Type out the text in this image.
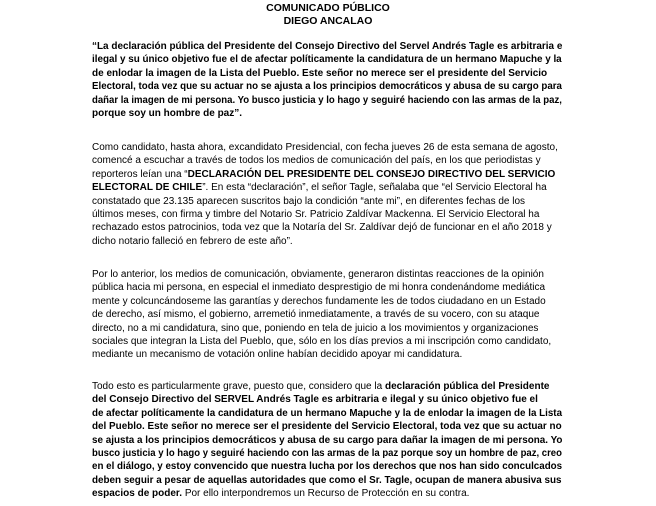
COMUNICADO PÚBLICO
DIEGO ANCALAO
“La declaración pública del Presidente del Consejo Directivo del Servel Andrés Tagle es arbitraria e
ilegal y su único objetivo fue el de afectar políticamente la candidatura de un hermano Mapuche y la
de enlodar la imagen de la Lista del Pueblo. Este señor no merece ser el presidente del Servicio
Electoral, toda vez que su actuar no se ajusta a los principios democráticos y abusa de su cargo para
dañar la imagen de mi persona. Yo busco justicia y lo hago y seguiré haciendo con las armas de la paz,
porque soy un hombre de paz”.
Como candidato, hasta ahora, excandidato Presidencial, con fecha jueves 26 de esta semana de agosto,
comencé a escuchar a través de todos los medios de comunicación del país, en los que periodistas y
reporteros leían una “DECLARACIÓN DEL PRESIDENTE DEL CONSEJO DIRECTIVO DEL SERVICIO
ELECTORAL DE CHILE”. En esta “declaración”, el señor Tagle, señalaba que “el Servicio Electoral ha
constatado que 23.135 aparecen suscritos bajo la condición “ante mi”, en diferentes fechas de los
últimos meses, con firma y timbre del Notario Sr. Patricio Zaldívar Mackenna. El Servicio Electoral ha
rechazado estos patrocinios, toda vez que la Notaría del Sr. Zaldívar dejó de funcionar en el año 2018 y
dicho notario falleció en febrero de este año”.
Por lo anterior, los medios de comunicación, obviamente, generaron distintas reacciones de la opinión
pública hacia mi persona, en especial el inmediato desprestigio de mi honra condenándome mediática
mente y colcuncándoseme las garantías y derechos fundamente les de todos ciudadano en un Estado
de derecho, así mismo, el gobierno, arremetió inmediatamente, a través de su vocero, con su ataque
directo, no a mi candidatura, sino que, poniendo en tela de juicio a los movimientos y organizaciones
sociales que integran la Lista del Pueblo, que, sólo en los días previos a mi inscripción como candidato,
mediante un mecanismo de votación online habían decidido apoyar mi candidatura.
Todo esto es particularmente grave, puesto que, considero que la declaración pública del Presidente
del Consejo Directivo del SERVEL Andrés Tagle es arbitraria e ilegal y su único objetivo fue el
de afectar políticamente la candidatura de un hermano Mapuche y la de enlodar la imagen de la Lista
del Pueblo. Este señor no merece ser el presidente del Servicio Electoral, toda vez que su actuar no
se ajusta a los principios democráticos y abusa de su cargo para dañar la imagen de mi persona. Yo
busco justicia y lo hago y seguiré haciendo con las armas de la paz porque soy un hombre de paz, creo
en el diálogo, y estoy convencido que nuestra lucha por los derechos que nos han sido conculcados
deben seguir a pesar de aquellas autoridades que como el Sr. Tagle, ocupan de manera abusiva sus
espacios de poder. Por ello interpondremos un Recurso de Protección en su contra.
